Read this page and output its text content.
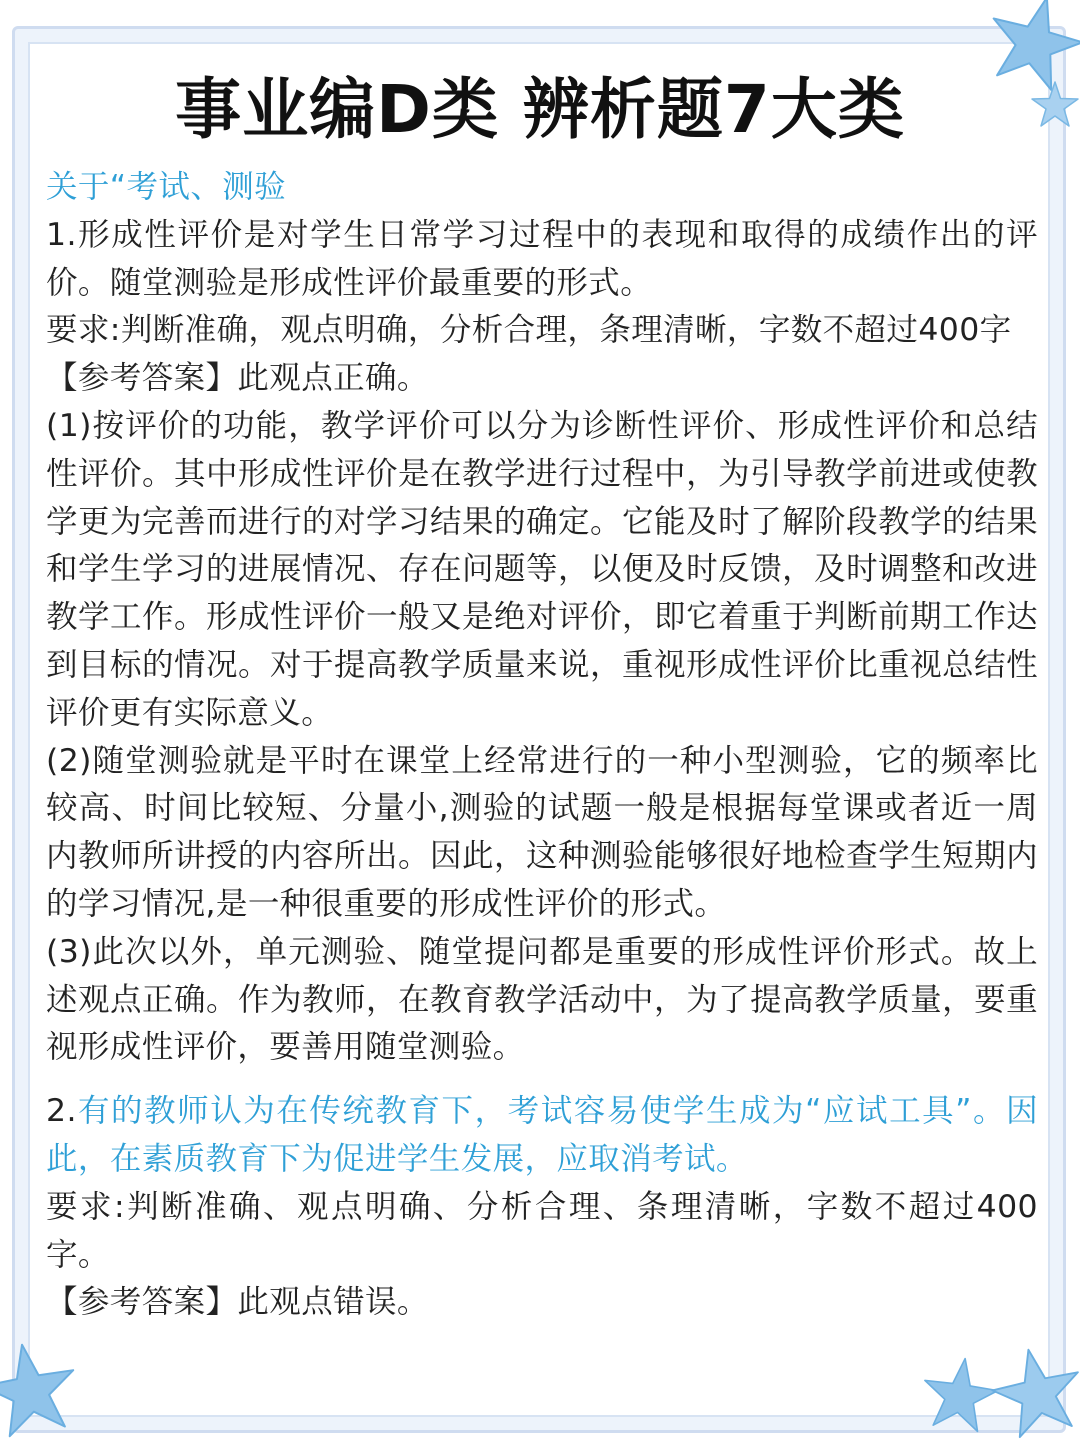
事业编D类 辨析题7大类

关于“考试、测验

1.形成性评价是对学生日常学习过程中的表现和取得的成绩作出的评价。随堂测验是形成性评价最重要的形式。

要求:判断准确，观点明确，分析合理，条理清晰，字数不超过400字

【参考答案】此观点正确。

(1)按评价的功能，教学评价可以分为诊断性评价、形成性评价和总结性评价。其中形成性评价是在教学进行过程中，为引导教学前进或使教学更为完善而进行的对学习结果的确定。它能及时了解阶段教学的结果和学生学习的进展情况、存在问题等，以便及时反馈，及时调整和改进教学工作。形成性评价一般又是绝对评价，即它着重于判断前期工作达到目标的情况。对于提高教学质量来说，重视形成性评价比重视总结性评价更有实际意义。

(2)随堂测验就是平时在课堂上经常进行的一种小型测验，它的频率比较高、时间比较短、分量小,测验的试题一般是根据每堂课或者近一周内教师所讲授的内容所出。因此，这种测验能够很好地检查学生短期内的学习情况,是一种很重要的形成性评价的形式。

(3)此次以外，单元测验、随堂提问都是重要的形成性评价形式。故上述观点正确。作为教师，在教育教学活动中，为了提高教学质量，要重视形成性评价，要善用随堂测验。

2.有的教师认为在传统教育下，考试容易使学生成为“应试工具”。因此，在素质教育下为促进学生发展，应取消考试。

要求:判断准确、观点明确、分析合理、条理清晰，字数不超过400字。

【参考答案】此观点错误。
